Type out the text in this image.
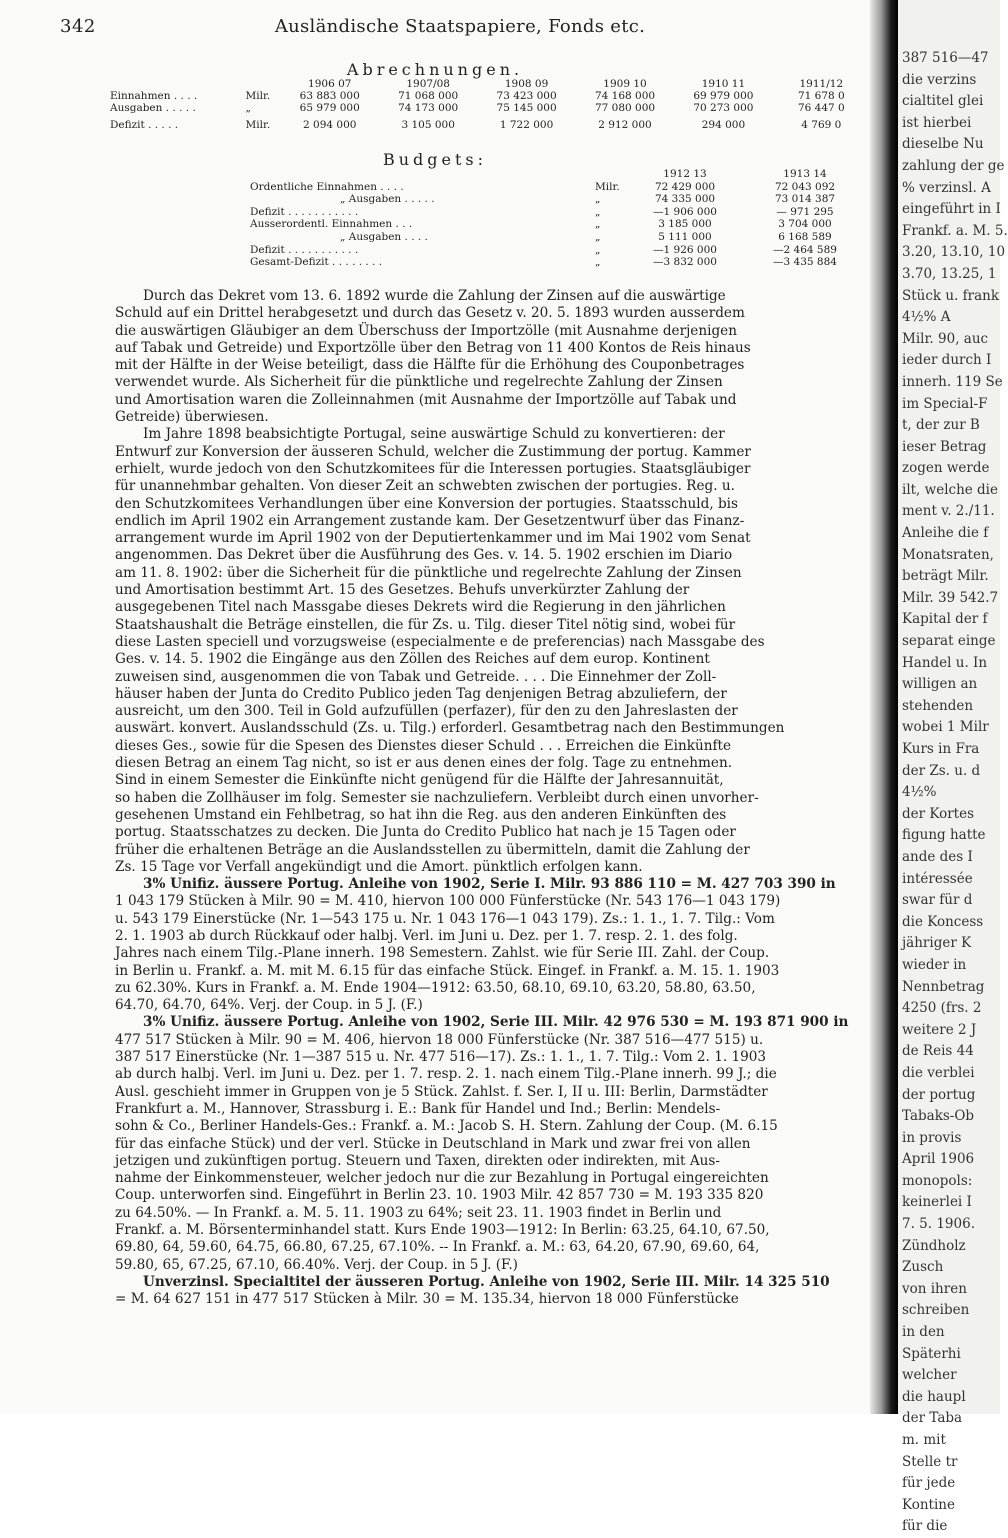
342	Ausländische Staatspapiere, Fonds etc.
Abrechnungen.
		1906 07	1907/08	1908 09	1909 10	1910 11	1911/12
Einnahmen . . . .	Milr.	63 883 000	71 068 000	73 423 000	74 168 000	69 979 000	71 678 0
Ausgaben . . . . .	„	65 979 000	74 173 000	75 145 000	77 080 000	70 273 000	76 447 0
Defizit . . . . .	Milr.	2 094 000	3 105 000	1 722 000	2 912 000	294 000	4 769 0
Budgets:
		1912 13	1913 14
Ordentliche Einnahmen . . . .	Milr.	72 429 000	72 043 092
„ Ausgaben . . . . .	„	74 335 000	73 014 387
Defizit . . . . . . . . . . .	„	—1 906 000	— 971 295
Ausserordentl. Einnahmen . . .	„	3 185 000	3 704 000
„ Ausgaben . . . .	„	5 111 000	6 168 589
Defizit . . . . . . . . . . .	„	—1 926 000	—2 464 589
Gesamt-Defizit . . . . . . . .	„	—3 832 000	—3 435 884
Durch das Dekret vom 13. 6. 1892 wurde die Zahlung der Zinsen auf die auswärtige
Schuld auf ein Drittel herabgesetzt und durch das Gesetz v. 20. 5. 1893 wurden ausserdem
die auswärtigen Gläubiger an dem Überschuss der Importzölle (mit Ausnahme derjenigen
auf Tabak und Getreide) und Exportzölle über den Betrag von 11 400 Kontos de Reis hinaus
mit der Hälfte in der Weise beteiligt, dass die Hälfte für die Erhöhung des Couponbetrages
verwendet wurde. Als Sicherheit für die pünktliche und regelrechte Zahlung der Zinsen
und Amortisation waren die Zolleinnahmen (mit Ausnahme der Importzölle auf Tabak und
Getreide) überwiesen.
Im Jahre 1898 beabsichtigte Portugal, seine auswärtige Schuld zu konvertieren: der
Entwurf zur Konversion der äusseren Schuld, welcher die Zustimmung der portug. Kammer
erhielt, wurde jedoch von den Schutzkomitees für die Interessen portugies. Staatsgläubiger
für unannehmbar gehalten. Von dieser Zeit an schwebten zwischen der portugies. Reg. u.
den Schutzkomitees Verhandlungen über eine Konversion der portugies. Staatsschuld, bis
endlich im April 1902 ein Arrangement zustande kam. Der Gesetzentwurf über das Finanz-
arrangement wurde im April 1902 von der Deputiertenkammer und im Mai 1902 vom Senat
angenommen. Das Dekret über die Ausführung des Ges. v. 14. 5. 1902 erschien im Diario
am 11. 8. 1902: über die Sicherheit für die pünktliche und regelrechte Zahlung der Zinsen
und Amortisation bestimmt Art. 15 des Gesetzes. Behufs unverkürzter Zahlung der
ausgegebenen Titel nach Massgabe dieses Dekrets wird die Regierung in den jährlichen
Staatshaushalt die Beträge einstellen, die für Zs. u. Tilg. dieser Titel nötig sind, wobei für
diese Lasten speciell und vorzugsweise (especialmente e de preferencias) nach Massgabe des
Ges. v. 14. 5. 1902 die Eingänge aus den Zöllen des Reiches auf dem europ. Kontinent
zuweisen sind, ausgenommen die von Tabak und Getreide. . . . Die Einnehmer der Zoll-
häuser haben der Junta do Credito Publico jeden Tag denjenigen Betrag abzuliefern, der
ausreicht, um den 300. Teil in Gold aufzufüllen (perfazer), für den zu den Jahreslasten der
auswärt. konvert. Auslandsschuld (Zs. u. Tilg.) erforderl. Gesamtbetrag nach den Bestimmungen
dieses Ges., sowie für die Spesen des Dienstes dieser Schuld . . . Erreichen die Einkünfte
diesen Betrag an einem Tag nicht, so ist er aus denen eines der folg. Tage zu entnehmen.
Sind in einem Semester die Einkünfte nicht genügend für die Hälfte der Jahresannuität,
so haben die Zollhäuser im folg. Semester sie nachzuliefern. Verbleibt durch einen unvorher-
gesehenen Umstand ein Fehlbetrag, so hat ihn die Reg. aus den anderen Einkünften des
portug. Staatsschatzes zu decken. Die Junta do Credito Publico hat nach je 15 Tagen oder
früher die erhaltenen Beträge an die Auslandsstellen zu übermitteln, damit die Zahlung der
Zs. 15 Tage vor Verfall angekündigt und die Amort. pünktlich erfolgen kann.
3% Unifiz. äussere Portug. Anleihe von 1902, Serie I. Milr. 93 886 110 = M. 427 703 390 in
1 043 179 Stücken à Milr. 90 = M. 410, hiervon 100 000 Fünferstücke (Nr. 543 176—1 043 179)
u. 543 179 Einerstücke (Nr. 1—543 175 u. Nr. 1 043 176—1 043 179). Zs.: 1. 1., 1. 7. Tilg.: Vom
2. 1. 1903 ab durch Rückkauf oder halbj. Verl. im Juni u. Dez. per 1. 7. resp. 2. 1. des folg.
Jahres nach einem Tilg.-Plane innerh. 198 Semestern. Zahlst. wie für Serie III. Zahl. der Coup.
in Berlin u. Frankf. a. M. mit M. 6.15 für das einfache Stück. Eingef. in Frankf. a. M. 15. 1. 1903
zu 62.30%. Kurs in Frankf. a. M. Ende 1904—1912: 63.50, 68.10, 69.10, 63.20, 58.80, 63.50,
64.70, 64.70, 64%. Verj. der Coup. in 5 J. (F.)
3% Unifiz. äussere Portug. Anleihe von 1902, Serie III. Milr. 42 976 530 = M. 193 871 900 in
477 517 Stücken à Milr. 90 = M. 406, hiervon 18 000 Fünferstücke (Nr. 387 516—477 515) u.
387 517 Einerstücke (Nr. 1—387 515 u. Nr. 477 516—17). Zs.: 1. 1., 1. 7. Tilg.: Vom 2. 1. 1903
ab durch halbj. Verl. im Juni u. Dez. per 1. 7. resp. 2. 1. nach einem Tilg.-Plane innerh. 99 J.; die
Ausl. geschieht immer in Gruppen von je 5 Stück. Zahlst. f. Ser. I, II u. III: Berlin, Darmstädter
Frankfurt a. M., Hannover, Strassburg i. E.: Bank für Handel und Ind.; Berlin: Mendels-
sohn & Co., Berliner Handels-Ges.: Frankf. a. M.: Jacob S. H. Stern. Zahlung der Coup. (M. 6.15
für das einfache Stück) und der verl. Stücke in Deutschland in Mark und zwar frei von allen
jetzigen und zukünftigen portug. Steuern und Taxen, direkten oder indirekten, mit Aus-
nahme der Einkommensteuer, welcher jedoch nur die zur Bezahlung in Portugal eingereichten
Coup. unterworfen sind. Eingeführt in Berlin 23. 10. 1903 Milr. 42 857 730 = M. 193 335 820
zu 64.50%. — In Frankf. a. M. 5. 11. 1903 zu 64%; seit 23. 11. 1903 findet in Berlin und
Frankf. a. M. Börsenterminhandel statt. Kurs Ende 1903—1912: In Berlin: 63.25, 64.10, 67.50,
69.80, 64, 59.60, 64.75, 66.80, 67.25, 67.10%. -- In Frankf. a. M.: 63, 64.20, 67.90, 69.60, 64,
59.80, 65, 67.25, 67.10, 66.40%. Verj. der Coup. in 5 J. (F.)
Unverzinsl. Specialtitel der äusseren Portug. Anleihe von 1902, Serie III. Milr. 14 325 510
= M. 64 627 151 in 477 517 Stücken à Milr. 30 = M. 135.34, hiervon 18 000 Fünferstücke
387 516—47
die verzins
cialtitel glei
ist hierbei
dieselbe Nu
zahlung der ge
% verzinsl. A
eingeführt in I
Frankf. a. M. 5.
3.20, 13.10, 10
3.70, 13.25, 1
Stück u. frank
4½% A
Milr. 90, auc
ieder durch I
innerh. 119 Se
im Special-F
t, der zur B
ieser Betrag
zogen werde
ilt, welche die
ment v. 2./11.
Anleihe die f
Monatsraten,
beträgt Milr.
Milr. 39 542.7
Kapital der f
separat einge
Handel u. In
willigen an
stehenden
wobei 1 Milr
Kurs in Fra
der Zs. u. d
4½%
der Kortes
figung hatte
ande des I
intéressée
swar für d
die Koncess
jähriger K
wieder in
Nennbetrag
4250 (frs. 2
weitere 2 J
de Reis 44
die verblei
der portug
Tabaks-Ob
in provis
April 1906
monopols:
keinerlei I
7. 5. 1906.
Zündholz
Zusch
von ihren
schreiben
in den
Späterhi
welcher
die haupl
der Taba
m. mit
Stelle tr
für jede
Kontine
für die
